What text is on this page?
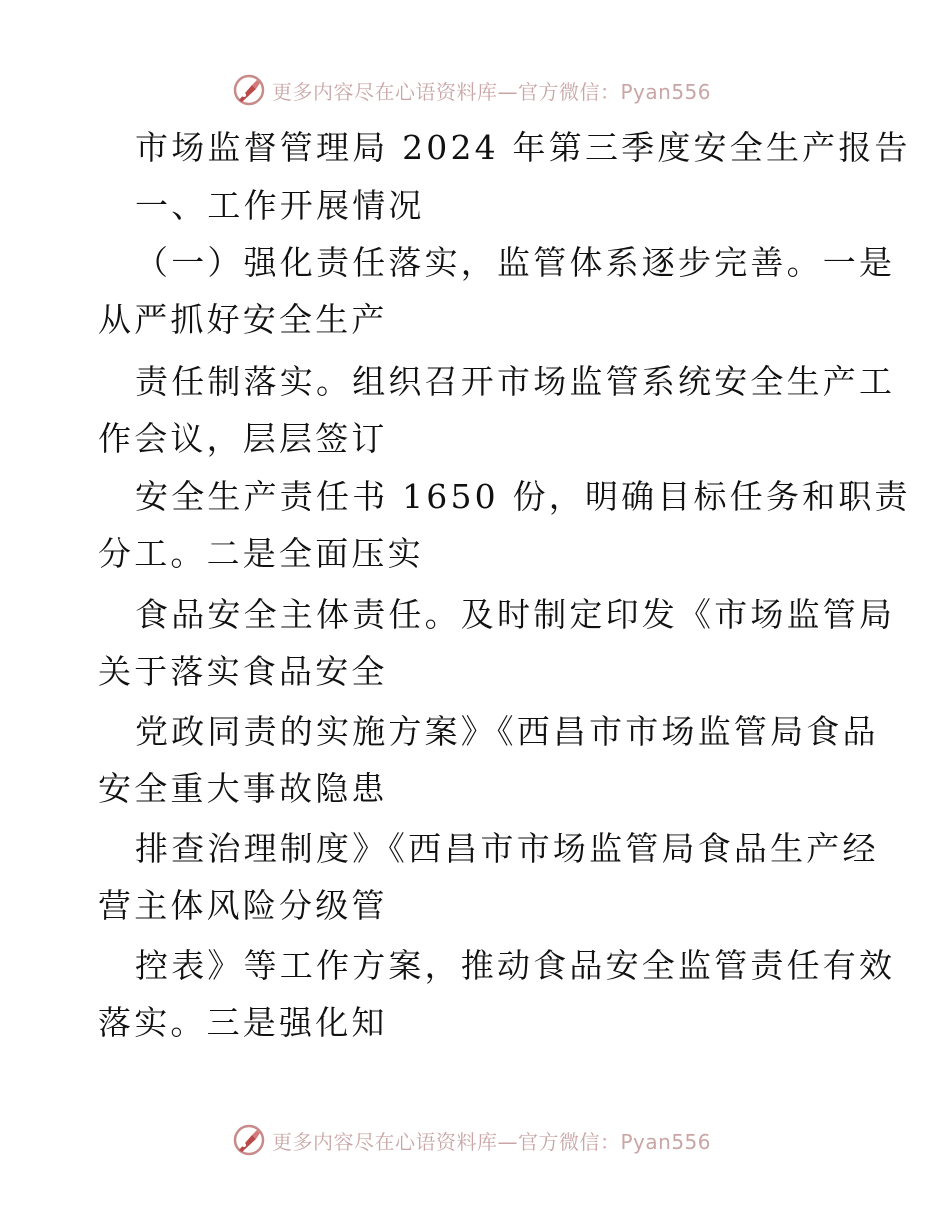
更多内容尽在心语资料库—官方微信：Pyan556
市场监督管理局 2024 年第三季度安全生产报告
一、工作开展情况
（一）强化责任落实，监管体系逐步完善。一是
从严抓好安全生产
责任制落实。组织召开市场监管系统安全生产工
作会议，层层签订
安全生产责任书 1650 份，明确目标任务和职责
分工。二是全面压实
食品安全主体责任。及时制定印发《市场监管局
关于落实食品安全
党政同责的实施方案》《西昌市市场监管局食品
安全重大事故隐患
排查治理制度》《西昌市市场监管局食品生产经
营主体风险分级管
控表》等工作方案，推动食品安全监管责任有效
落实。三是强化知
更多内容尽在心语资料库—官方微信：Pyan556
